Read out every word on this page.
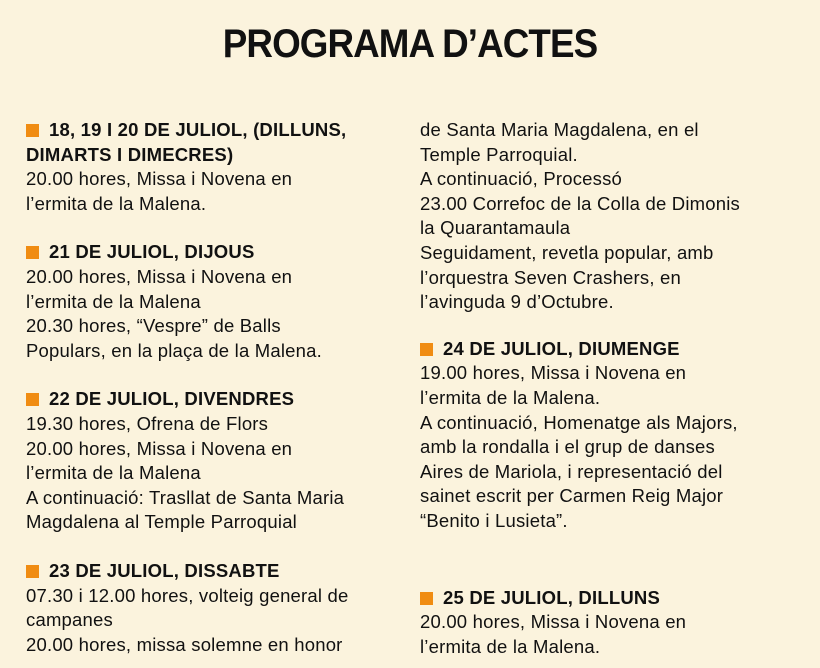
PROGRAMA D’ACTES
18, 19 I 20 DE JULIOL, (DILLUNS,
DIMARTS I DIMECRES)
20.00 hores, Missa i Novena en
l’ermita de la Malena.
21 DE JULIOL, DIJOUS
20.00 hores, Missa i Novena en
l’ermita de la Malena
20.30 hores, “Vespre” de Balls
Populars, en la plaça de la Malena.
22 DE JULIOL, DIVENDRES
19.30 hores, Ofrena de Flors
20.00 hores, Missa i Novena en
l’ermita de la Malena
A continuació: Trasllat de Santa Maria
Magdalena al Temple Parroquial
23 DE JULIOL, DISSABTE
07.30 i 12.00 hores, volteig general de
campanes
20.00 hores, missa solemne en honor
de Santa Maria Magdalena, en el
Temple Parroquial.
A continuació, Processó
23.00 Correfoc de la Colla de Dimonis
la Quarantamaula
Seguidament, revetla popular, amb
l’orquestra Seven Crashers, en
l’avinguda 9 d’Octubre.
24 DE JULIOL, DIUMENGE
19.00 hores, Missa i Novena en
l’ermita de la Malena.
A continuació, Homenatge als Majors,
amb la rondalla i el grup de danses
Aires de Mariola, i representació del
sainet escrit per Carmen Reig Major
“Benito i Lusieta”.
25 DE JULIOL, DILLUNS
20.00 hores, Missa i Novena en
l’ermita de la Malena.
